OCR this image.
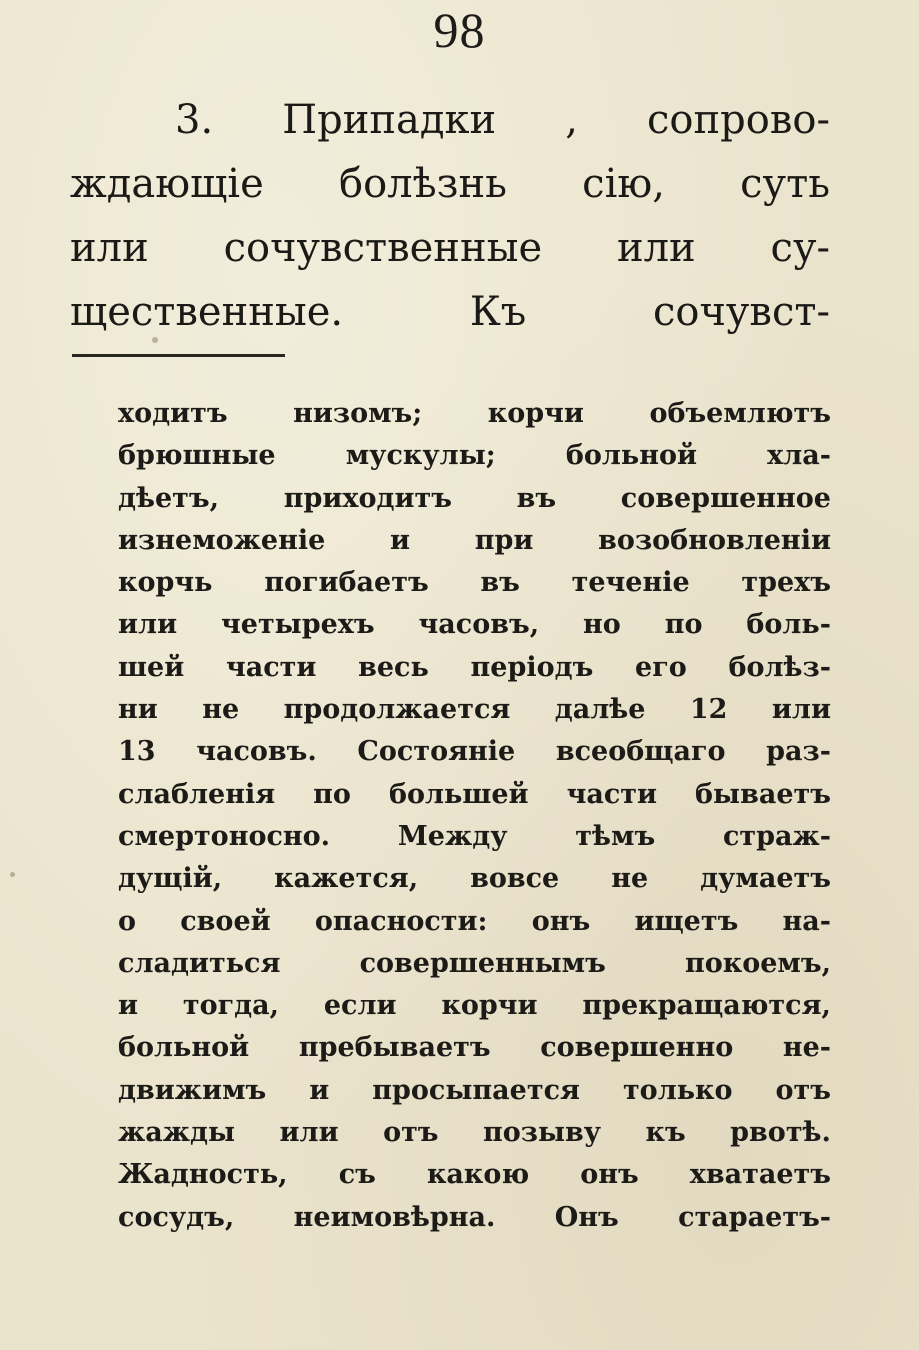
98
3. Припадки , сопрово-
ждающіе болѣзнь сію, суть
или сочувственные или су-
щественные.	Къ	сочувст-
ходитъ низомъ; корчи объемлютъ
брюшные	мускулы;	больной	хла-
дѣетъ, приходитъ въ совершенное
изнеможеніе и при возобновленіи
корчь погибаетъ въ теченіе трехъ
или четырехъ часовъ, но по боль-
шей части весь періодъ его болѣз-
ни не продолжается далѣе 12 или
13 часовъ. Состояніе всеобщаго раз-
слабленія по большей части бываетъ
смертоносно.	Между	тѣмъ	страж-
дущій, кажется, вовсе не думаетъ
о своей опасности: онъ ищетъ на-
сладиться	совершеннымъ	покоемъ,
и тогда, если корчи прекращаются,
больной пребываетъ совершенно не-
движимъ и просыпается только отъ
жажды или отъ позыву къ рвотѣ.
Жадность, съ какою онъ хватаетъ
сосудъ, неимовѣрна. Онъ стараетъ-
